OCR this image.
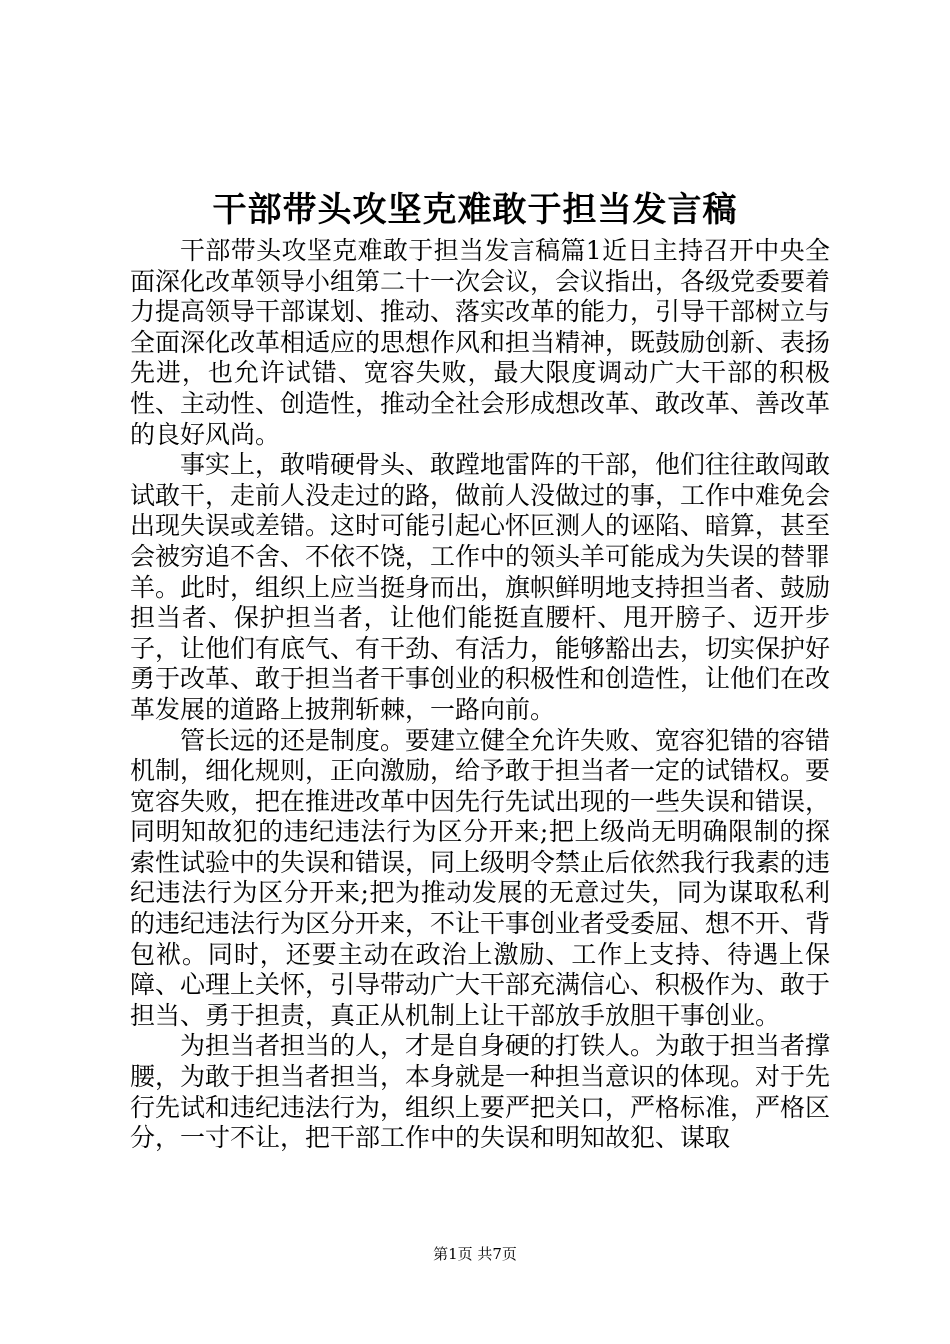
干部带头攻坚克难敢于担当发言稿

干部带头攻坚克难敢于担当发言稿篇1近日主持召开中央全面深化改革领导小组第二十一次会议，会议指出，各级党委要着力提高领导干部谋划、推动、落实改革的能力，引导干部树立与全面深化改革相适应的思想作风和担当精神，既鼓励创新、表扬先进，也允许试错、宽容失败，最大限度调动广大干部的积极性、主动性、创造性，推动全社会形成想改革、敢改革、善改革的良好风尚。

事实上，敢啃硬骨头、敢蹚地雷阵的干部，他们往往敢闯敢试敢干，走前人没走过的路，做前人没做过的事，工作中难免会出现失误或差错。这时可能引起心怀叵测人的诬陷、暗算，甚至会被穷追不舍、不依不饶，工作中的领头羊可能成为失误的替罪羊。此时，组织上应当挺身而出，旗帜鲜明地支持担当者、鼓励担当者、保护担当者，让他们能挺直腰杆、甩开膀子、迈开步子，让他们有底气、有干劲、有活力，能够豁出去，切实保护好勇于改革、敢于担当者干事创业的积极性和创造性，让他们在改革发展的道路上披荆斩棘，一路向前。

管长远的还是制度。要建立健全允许失败、宽容犯错的容错机制，细化规则，正向激励，给予敢于担当者一定的试错权。要宽容失败，把在推进改革中因先行先试出现的一些失误和错误，同明知故犯的违纪违法行为区分开来;把上级尚无明确限制的探索性试验中的失误和错误，同上级明令禁止后依然我行我素的违纪违法行为区分开来;把为推动发展的无意过失，同为谋取私利的违纪违法行为区分开来，不让干事创业者受委屈、想不开、背包袱。同时，还要主动在政治上激励、工作上支持、待遇上保障、心理上关怀，引导带动广大干部充满信心、积极作为、敢于担当、勇于担责，真正从机制上让干部放手放胆干事创业。

为担当者担当的人，才是自身硬的打铁人。为敢于担当者撑腰，为敢于担当者担当，本身就是一种担当意识的体现。对于先行先试和违纪违法行为，组织上要严把关口，严格标准，严格区分，一寸不让，把干部工作中的失误和明知故犯、谋取

第1页 共7页
